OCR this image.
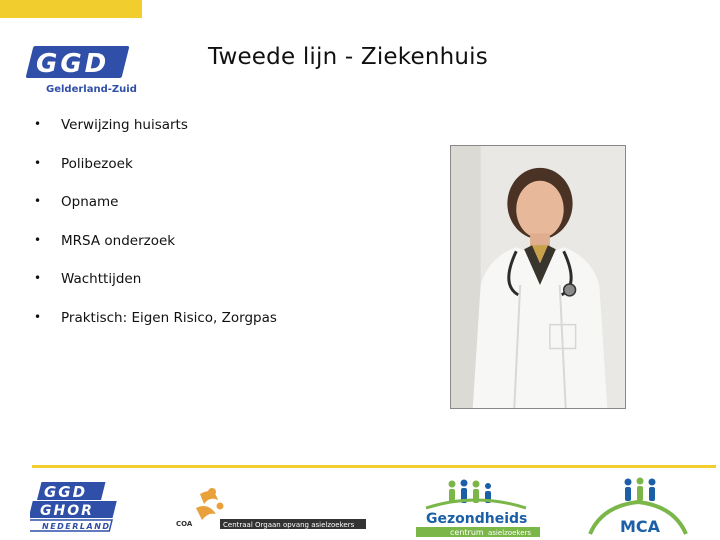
GGD
Gelderland-Zuid
Tweede lijn - Ziekenhuis
• Verwijzing huisarts
• Polibezoek
• Opname
• MRSA onderzoek
• Wachttijden
• Praktisch: Eigen Risico, Zorgpas
GGD
GHOR
NEDERLAND	COA	Centraal Orgaan opvang asielzoekers	Gezondheids
centrum asielzoekers	MCA
